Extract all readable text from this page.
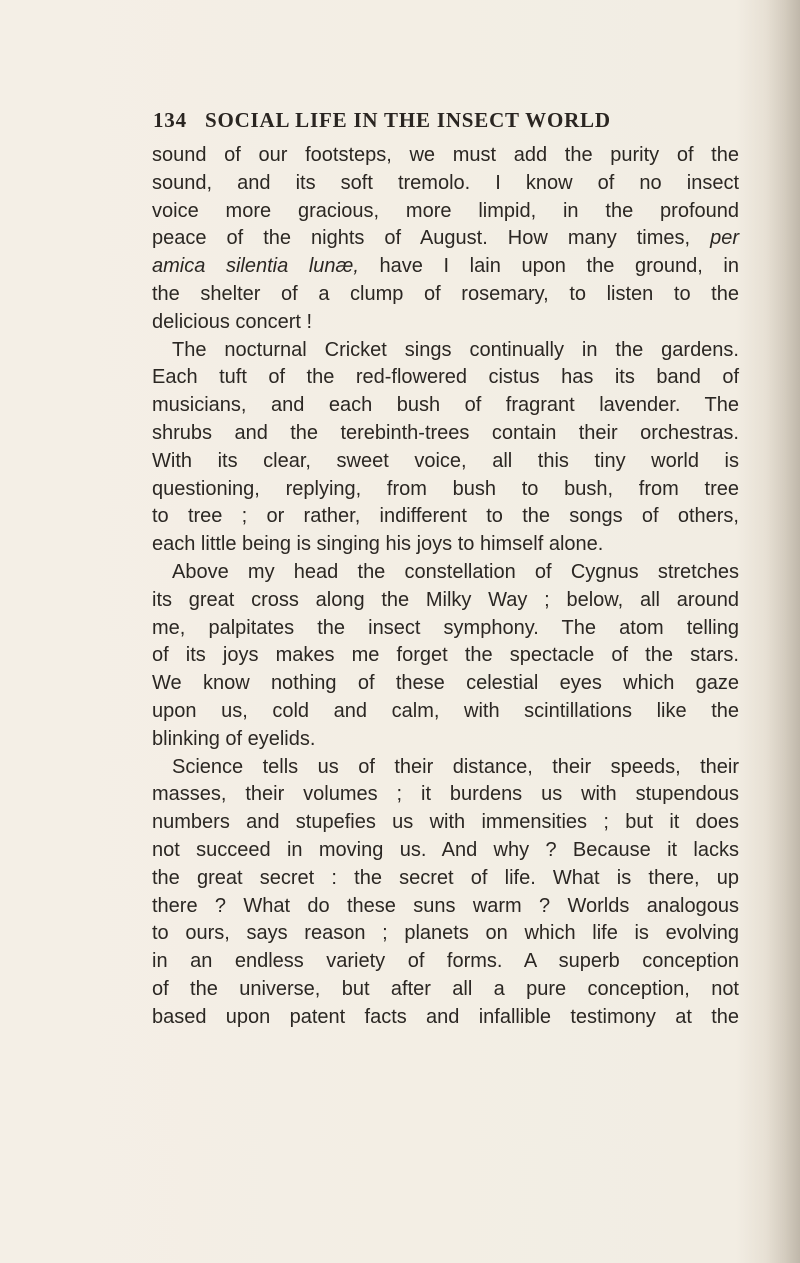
134 SOCIAL LIFE IN THE INSECT WORLD
sound of our footsteps, we must add the purity of the
sound, and its soft tremolo. I know of no insect
voice more gracious, more limpid, in the profound
peace of the nights of August. How many times, per
amica silentia lunæ, have I lain upon the ground, in
the shelter of a clump of rosemary, to listen to the
delicious concert !
The nocturnal Cricket sings continually in the gardens.
Each tuft of the red-flowered cistus has its band of
musicians, and each bush of fragrant lavender. The
shrubs and the terebinth-trees contain their orchestras.
With its clear, sweet voice, all this tiny world is
questioning, replying, from bush to bush, from tree
to tree ; or rather, indifferent to the songs of others,
each little being is singing his joys to himself alone.
Above my head the constellation of Cygnus stretches
its great cross along the Milky Way ; below, all around
me, palpitates the insect symphony. The atom telling
of its joys makes me forget the spectacle of the stars.
We know nothing of these celestial eyes which gaze
upon us, cold and calm, with scintillations like the
blinking of eyelids.
Science tells us of their distance, their speeds, their
masses, their volumes ; it burdens us with stupendous
numbers and stupefies us with immensities ; but it does
not succeed in moving us. And why ? Because it lacks
the great secret : the secret of life. What is there, up
there ? What do these suns warm ? Worlds analogous
to ours, says reason ; planets on which life is evolving
in an endless variety of forms. A superb conception
of the universe, but after all a pure conception, not
based upon patent facts and infallible testimony at the
